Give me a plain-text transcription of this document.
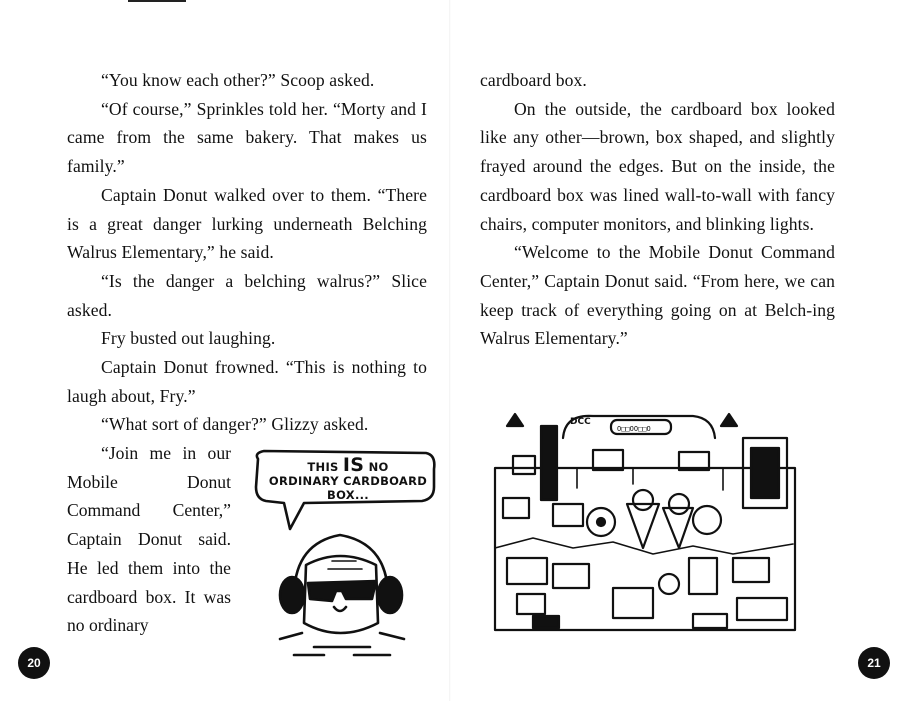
“You know each other?” Scoop asked.

“Of course,” Sprinkles told her. “Morty and I came from the same bakery. That makes us family.”

Captain Donut walked over to them. “There is a great danger lurking underneath Belching Walrus Elementary,” he said.

“Is the danger a belching walrus?” Slice asked.

Fry busted out laughing.

Captain Donut frowned. “This is nothing to laugh about, Fry.”

“What sort of danger?” Glizzy asked.

“Join me in our Mobile Donut Command Center,” Captain Donut said. He led them into the cardboard box. It was no ordinary

THIS IS NO
ORDINARY CARDBOARD
BOX...
20	21

cardboard box.

On the outside, the cardboard box looked like any other—brown, box shaped, and slightly frayed around the edges. But on the inside, the cardboard box was lined wall-to-wall with fancy chairs, computer monitors, and blinking lights.

“Welcome to the Mobile Donut Command Center,” Captain Donut said. “From here, we can keep track of everything going on at Belch-ing Walrus Elementary.”

DCC
O□□OO□□O
